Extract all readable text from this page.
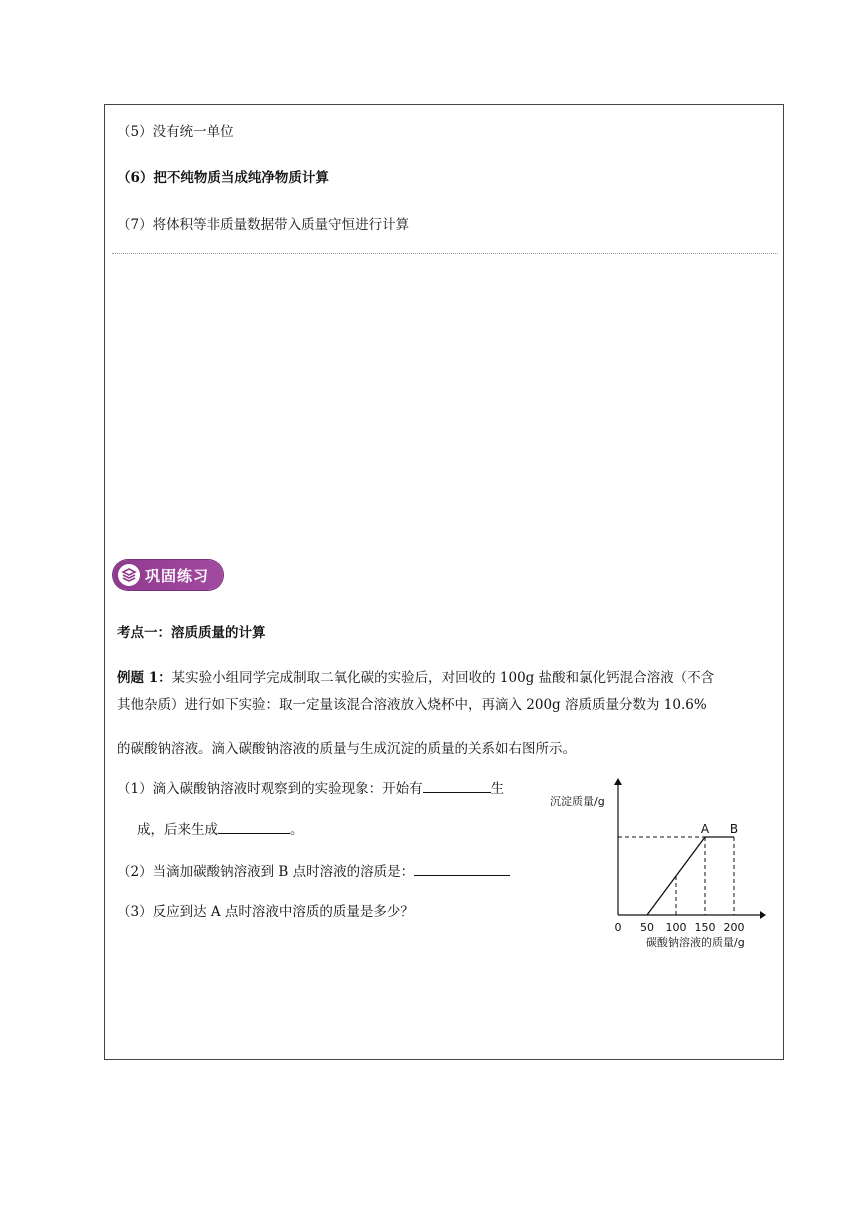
（5）没有统一单位
（6）把不纯物质当成纯净物质计算
（7）将体积等非质量数据带入质量守恒进行计算
巩固练习
考点一：溶质质量的计算
例题 1：某实验小组同学完成制取二氧化碳的实验后，对回收的 100g 盐酸和氯化钙混合溶液（不含
其他杂质）进行如下实验：取一定量该混合溶液放入烧杯中，再滴入 200g 溶质质量分数为 10.6%
的碳酸钠溶液。滴入碳酸钠溶液的质量与生成沉淀的质量的关系如右图所示。
（1）滴入碳酸钠溶液时观察到的实验现象：开始有	生
成，后来生成	。
（2）当滴加碳酸钠溶液到 B 点时溶液的溶质是：
（3）反应到达 A 点时溶液中溶质的质量是多少？
沉淀质量/g
碳酸钠溶液的质量/g
0 50 100 150 200
A B
